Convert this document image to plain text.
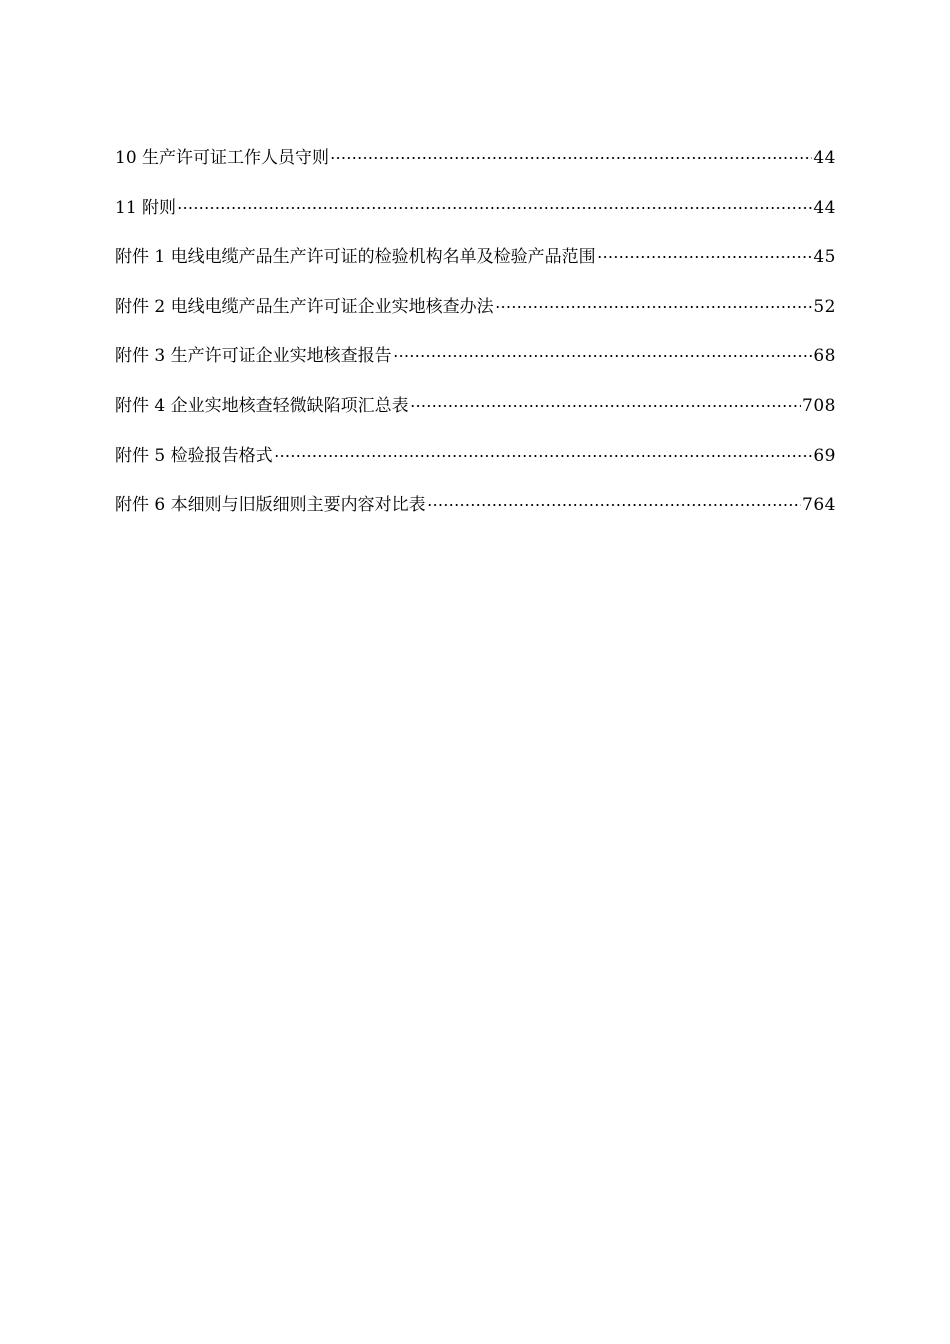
10 生产许可证工作人员守则	44
11 附则	44
附件 1 电线电缆产品生产许可证的检验机构名单及检验产品范围	45
附件 2 电线电缆产品生产许可证企业实地核查办法	52
附件 3 生产许可证企业实地核查报告	68
附件 4 企业实地核查轻微缺陷项汇总表	708
附件 5 检验报告格式	69
附件 6 本细则与旧版细则主要内容对比表	764
